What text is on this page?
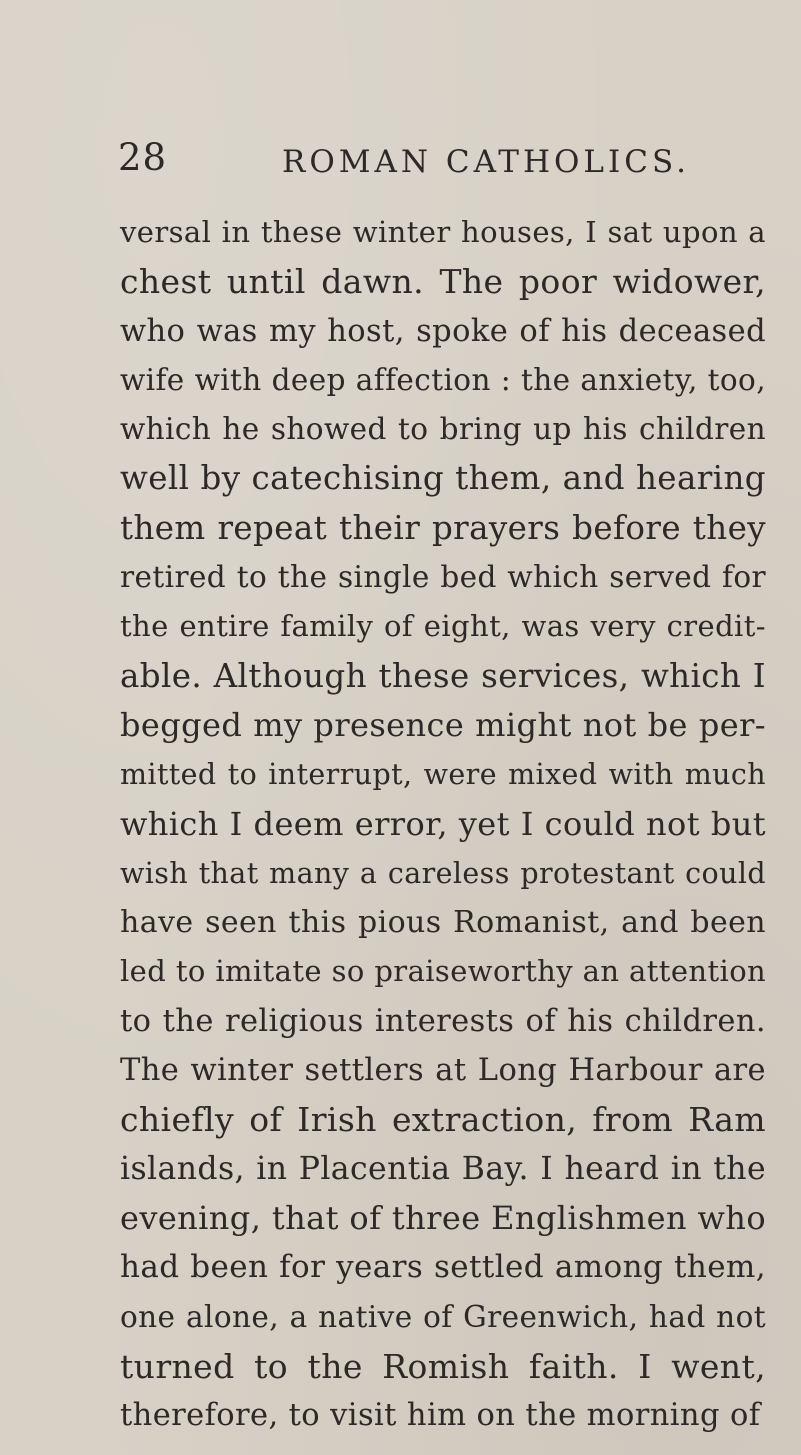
28	ROMAN CATHOLICS.
versal in these winter houses, I sat upon a
chest until dawn. The poor widower,
who was my host, spoke of his deceased
wife with deep affection : the anxiety, too,
which he showed to bring up his children
well by catechising them, and hearing
them repeat their prayers before they
retired to the single bed which served for
the entire family of eight, was very credit-
able. Although these services, which I
begged my presence might not be per-
mitted to interrupt, were mixed with much
which I deem error, yet I could not but
wish that many a careless protestant could
have seen this pious Romanist, and been
led to imitate so praiseworthy an attention
to the religious interests of his children.
The winter settlers at Long Harbour are
chiefly of Irish extraction, from Ram
islands, in Placentia Bay. I heard in the
evening, that of three Englishmen who
had been for years settled among them,
one alone, a native of Greenwich, had not
turned to the Romish faith. I went,
therefore, to visit him on the morning of
